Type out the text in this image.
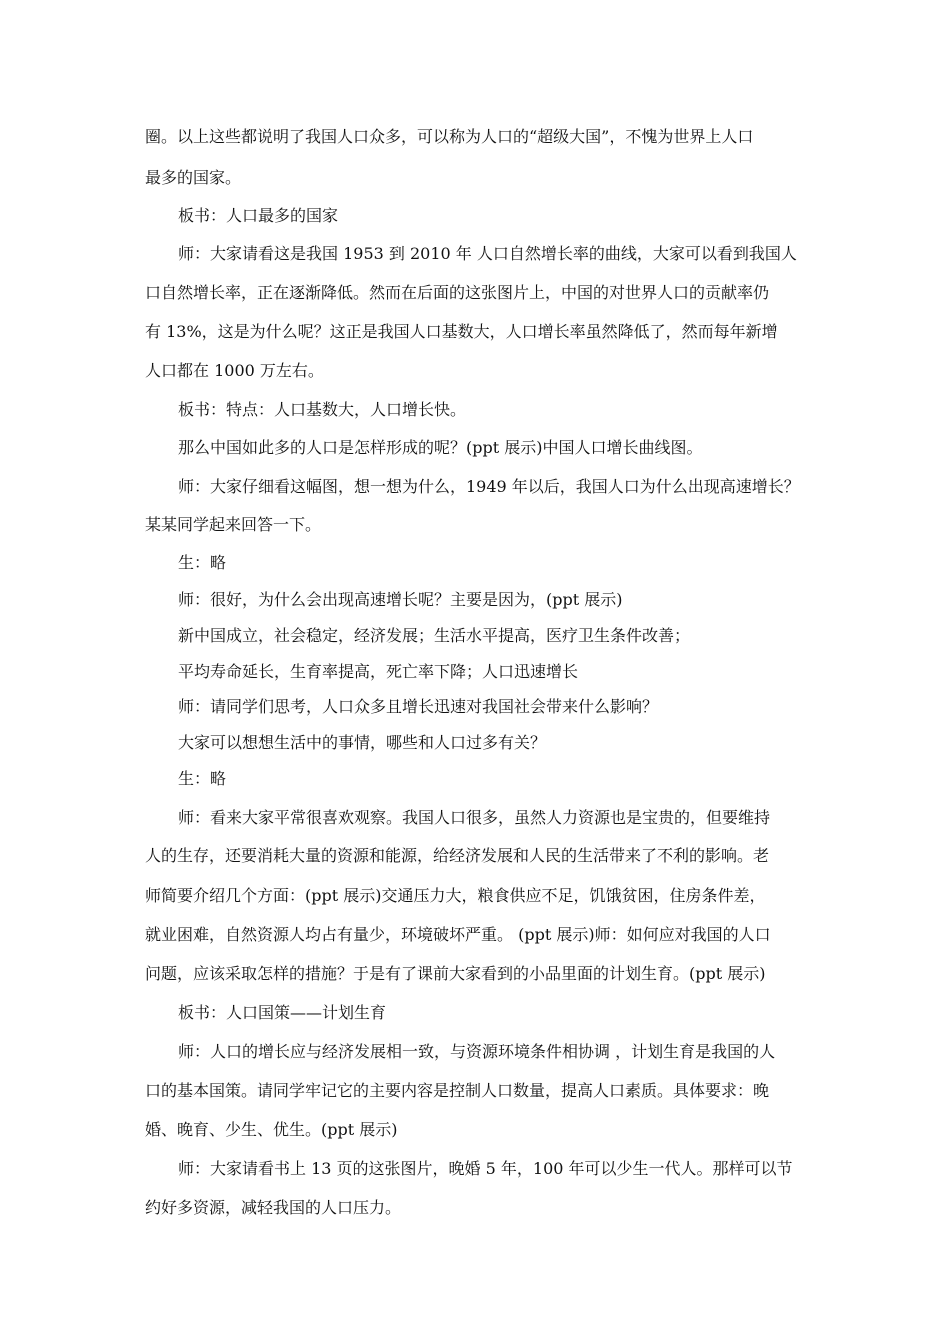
圈。以上这些都说明了我国人口众多，可以称为人口的“超级大国”，不愧为世界上人口
最多的国家。
板书：人口最多的国家
师：大家请看这是我国 1953 到 2010 年 人口自然增长率的曲线，大家可以看到我国人
口自然增长率，正在逐渐降低。然而在后面的这张图片上，中国的对世界人口的贡献率仍
有 13%，这是为什么呢？这正是我国人口基数大，人口增长率虽然降低了，然而每年新增
人口都在 1000 万左右。
板书：特点：人口基数大，人口增长快。
那么中国如此多的人口是怎样形成的呢？(ppt 展示)中国人口增长曲线图。
师：大家仔细看这幅图，想一想为什么，1949 年以后，我国人口为什么出现高速增长？
某某同学起来回答一下。
生：略
师：很好，为什么会出现高速增长呢？主要是因为，(ppt 展示)
新中国成立，社会稳定，经济发展；生活水平提高，医疗卫生条件改善；
平均寿命延长，生育率提高，死亡率下降；人口迅速增长
师：请同学们思考，人口众多且增长迅速对我国社会带来什么影响？
大家可以想想生活中的事情，哪些和人口过多有关？
生：略
师：看来大家平常很喜欢观察。我国人口很多，虽然人力资源也是宝贵的，但要维持
人的生存，还要消耗大量的资源和能源，给经济发展和人民的生活带来了不利的影响。老
师简要介绍几个方面：(ppt 展示)交通压力大，粮食供应不足，饥饿贫困，住房条件差，
就业困难，自然资源人均占有量少，环境破坏严重。 (ppt 展示)师：如何应对我国的人口
问题，应该采取怎样的措施？于是有了课前大家看到的小品里面的计划生育。(ppt 展示)
板书：人口国策——计划生育
师：人口的增长应与经济发展相一致，与资源环境条件相协调 ，计划生育是我国的人
口的基本国策。请同学牢记它的主要内容是控制人口数量，提高人口素质。具体要求：晚
婚、晚育、少生、优生。(ppt 展示)
师：大家请看书上 13 页的这张图片，晚婚 5 年，100 年可以少生一代人。那样可以节
约好多资源，减轻我国的人口压力。
